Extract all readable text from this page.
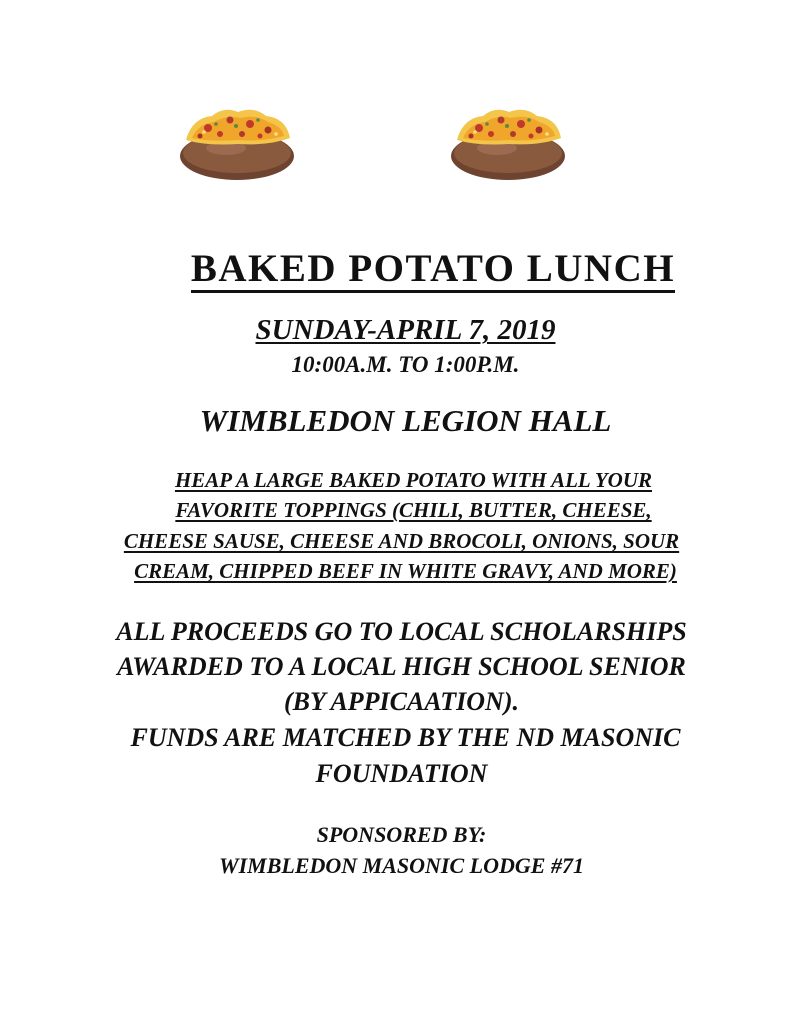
BAKED POTATO LUNCH
SUNDAY-APRIL 7, 2019
10:00A.M. TO 1:00P.M.
WIMBLEDON LEGION HALL
HEAP A LARGE BAKED POTATO WITH ALL YOUR
FAVORITE TOPPINGS (CHILI, BUTTER, CHEESE,
CHEESE SAUSE, CHEESE AND BROCOLI, ONIONS, SOUR
CREAM, CHIPPED BEEF IN WHITE GRAVY, AND MORE)
ALL PROCEEDS GO TO LOCAL SCHOLARSHIPS
AWARDED TO A LOCAL HIGH SCHOOL SENIOR
(BY APPICAATION).
FUNDS ARE MATCHED BY THE ND MASONIC
FOUNDATION
SPONSORED BY:
WIMBLEDON MASONIC LODGE #71
